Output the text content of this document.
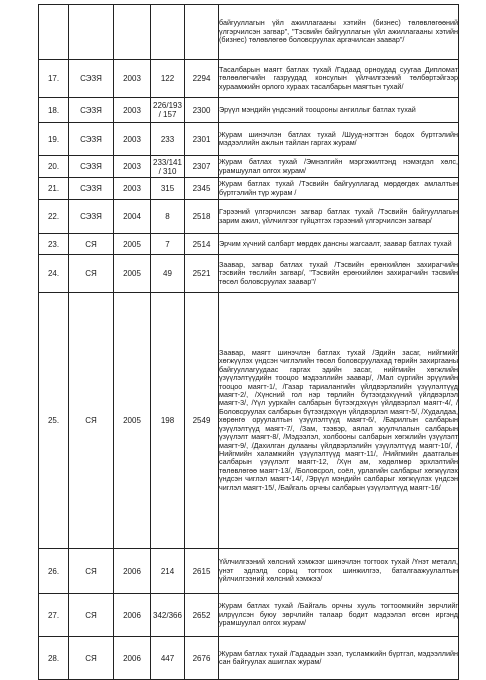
					байгууллагын үйл ажиллагааны хэтийн (бизнес) төлөвлөгөөний үлгэрчилсэн загвар", "Тэсвийн байгууллагын үйл ажиллагааны хэтийн (бизнес) төлөвлөгөө боловсруулах аргачилсан заавар"/
17.	СЭЗЯ	2003	122	2294	Тасалбарын маягт батлах тухай /Гадаад орноудад суугаа Дипломат төлөөлөгчийн газруудад консулын үйлчилгээний төлбөртэйгээр хураамжийн орлого хураах тасалбарын маягтын тухай/
18.	СЭЗЯ	2003	226/193 / 157	2300	Эрүүл мэндийн үндсэний тооцооны ангиллыг батлах тухай
19.	СЭЗЯ	2003	233	2301	Журам шинэчлэн батлах тухай /Шууд-нэгтгэн бодох бүртгэлийн мэдээллийн ажлын тайлан гаргах журам/
20.	СЭЗЯ	2003	233/141 / 310	2307	Журам батлах тухай /Эмнэлгийн мэргэжилтэнд нэмэгдэл хөлс, урамшуулал олгох журам/
21.	СЭЗЯ	2003	315	2345	Журам батлах тухай /Тэсвийн байгууллагад мөрдөгдөх амлалтын бүртгэлийн түр журам /
22.	СЭЗЯ	2004	8	2518	Гэрээний үлгэрчилсэн загвар батлах тухай /Тэсвийн байгууллагын зарим ажил, үйлчилгээг гүйцэтгэх гэрээний үлгэрчилсэн загвар/
23.	СЯ	2005	7	2514	Эрчим хүчний салбарт мөрдөх дансны жагсаалт, заавар батлах тухай
24.	СЯ	2005	49	2521	Заавар, загвар батлах тухай /Тэсвийн ерөнхийлөн захирагчийн тэсвийн төслийн загвар/, "Тэсвийн ерөнхийлөн захирагчийн тэсвийн төсөл боловсруулах заавар"/
25.	СЯ	2005	198	2549	Заавар, маягт шинэчлэн батлах тухай /Эдийн засаг, нийгмийг хөгжүүлэх үндсэн чиглэлийн төсөл боловсруулахад төрийн захиргааны байгууллагуудаас гаргах эдийн засаг, нийгмийн хөгжлийн үзүүлэлтүүдийн тооцоо мэдээллийн заавар/, /Мал сүргийн эрүүлийн тооцоо маягт-1/, /Газар тариалангийн үйлдвэрлэлийн үзүүлэлтүүд маягт-2/, /Хүнсний гол нэр төрлийн бүтээгдэхүүний үйлдвэрлэл маягт-3/, /Үүл уурхайн салбарын бүтээгдэхүүн үйлдвэрлэл маягт-4/, /Боловсруулах салбарын бүтээгдэхүүн үйлдвэрлэл маягт-5/, /Худалдаа, хөрөнгө оруулалтын үзүүлэлтүүд маягт-6/, /Барилгын салбарын үзүүлэлтүүд маягт-7/, /Зам, тээвэр, аялал жуулчлалын салбарын үзүүлэлт маягт-8/, /Мэдээлэл, холбооны салбарын хөгжлийн үзүүлэлт маягт-9/, /Дахилган дулааны үйлдвэрлэлийн үзүүлэлтүүд маягт-10/, /Нийгмийн халамжийн үзүүлэлтүүд маягт-11/, /Нийгмийн даатгалын салбарын үзүүлэлт маягт-12, /Хүн ам, хөдөлмөр эрхлэлтийн төлөвлөгөө маягт-13/, /Боловсрол, соёл, урлагийн салбарыг хөгжүүлэх үндсэн чиглэл маягт-14/, /Эрүүл мэндийн салбарыг хөгжүүлэх үндсэн чиглэл маягт-15/, /Байгаль орчны салбарын үзүүлэлтүүд маягт-16/
26.	СЯ	2006	214	2615	Үйлчилгээний хөлсний хэмжээг шинэчлэн тогтоох тухай /Үнэт металл, үнэт эдлэлд сорьц тогтоох шинжилгээ, баталгаажуулалтын үйлчилгээний хөлсний хэмжээ/
27.	СЯ	2006	342/366	2652	Журам батлах тухай /Байгаль орчны хууль тогтоомжийн зөрчлийг илрүүлсэн буюу зөрчлийн талаар бодит мэдээлэл өгсөн иргэнд урамшуулал олгох журам/
28.	СЯ	2006	447	2676	Журам батлах тухай /Гадаадын зээл, тусламжийн бүртгэл, мэдээллийн сан байгуулах ашиглах журам/
